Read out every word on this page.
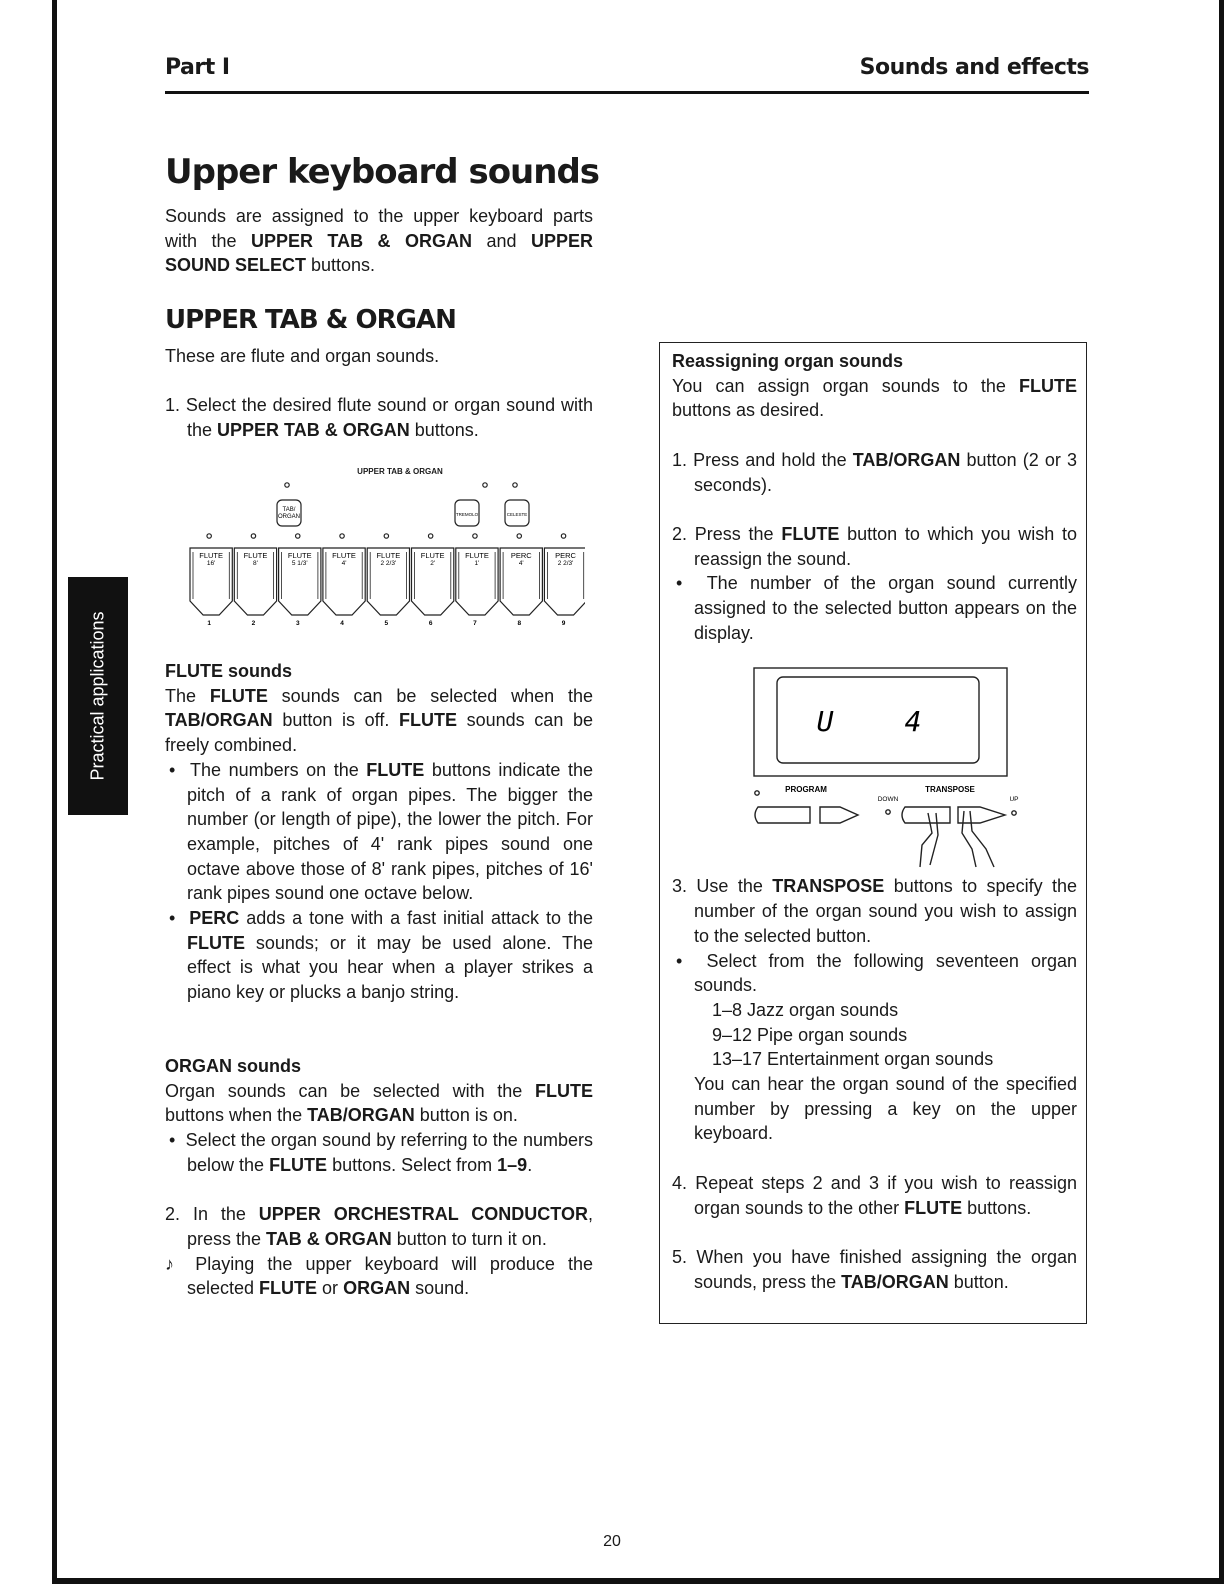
Practical applications
Part I	Sounds and effects
Upper keyboard sounds

Sounds are assigned to the upper keyboard parts with the UPPER TAB & ORGAN and UPPER SOUND SELECT buttons.

UPPER TAB & ORGAN

These are flute and organ sounds.

1. Select the desired flute sound or organ sound with the UPPER TAB & ORGAN buttons.

UPPER TAB & ORGAN
TAB/ ORGAN	TREMOLO	CELESTE
FLUTE
16'
1
FLUTE
8'
2
FLUTE
5 1/3'
3
FLUTE
4'
4
FLUTE
2 2/3'
5
FLUTE
2'
6
FLUTE
1'
7
PERC
4'
8
PERC
2 2/3'
9

FLUTE sounds

The FLUTE sounds can be selected when the TAB/ORGAN button is off. FLUTE sounds can be freely combined.

•  The numbers on the FLUTE buttons indicate the pitch of a rank of organ pipes. The bigger the number (or length of pipe), the lower the pitch. For example, pitches of 4' rank pipes sound one octave above those of 8' rank pipes, pitches of 16' rank pipes sound one octave below.

•  PERC adds a tone with a fast initial attack to the FLUTE sounds; or it may be used alone. The effect is what you hear when a player strikes a piano key or plucks a banjo string.

ORGAN sounds

Organ sounds can be selected with the FLUTE buttons when the TAB/ORGAN button is on.

•  Select the organ sound by referring to the numbers below the FLUTE buttons. Select from 1–9.

2. In the UPPER ORCHESTRAL CONDUCTOR, press the TAB & ORGAN button to turn it on.

♪ Playing the upper keyboard will produce the selected FLUTE or ORGAN sound.

Reassigning organ sounds

You can assign organ sounds to the FLUTE buttons as desired.

1. Press and hold the TAB/ORGAN button (2 or 3 seconds).

2. Press the FLUTE button to which you wish to reassign the sound.

•  The number of the organ sound currently assigned to the selected button appears on the display.

3. Use the TRANSPOSE buttons to specify the number of the organ sound you wish to assign to the selected button.

•  Select from the following seventeen organ sounds.

1–8 Jazz organ sounds

9–12 Pipe organ sounds

13–17 Entertainment organ sounds

You can hear the organ sound of the specified number by pressing a key on the upper keyboard.

4. Repeat steps 2 and 3 if you wish to reassign organ sounds to the other FLUTE buttons.

5. When you have finished assigning the organ sounds, press the TAB/ORGAN button.

U	4
PROGRAM	TRANSPOSE
DOWN	UP
20
